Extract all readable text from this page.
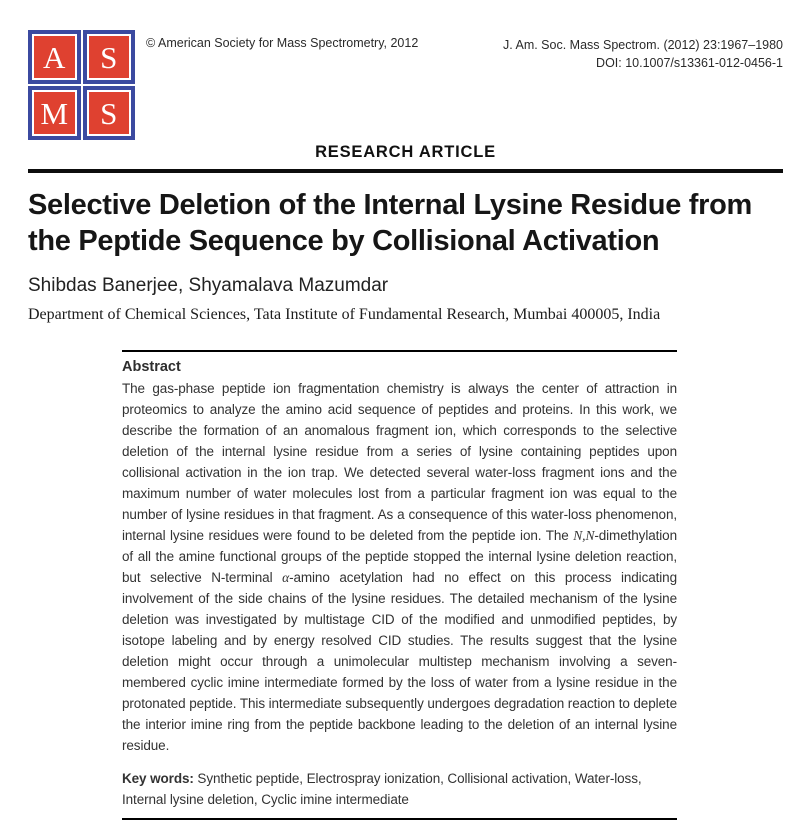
A S
M S
© American Society for Mass Spectrometry, 2012	J. Am. Soc. Mass Spectrom. (2012) 23:1967–1980
DOI: 10.1007/s13361-012-0456-1
RESEARCH ARTICLE
Selective Deletion of the Internal Lysine Residue from the Peptide Sequence by Collisional Activation
Shibdas Banerjee, Shyamalava Mazumdar
Department of Chemical Sciences, Tata Institute of Fundamental Research, Mumbai 400005, India
Abstract

The gas-phase peptide ion fragmentation chemistry is always the center of attraction in proteomics to analyze the amino acid sequence of peptides and proteins. In this work, we describe the formation of an anomalous fragment ion, which corresponds to the selective deletion of the internal lysine residue from a series of lysine containing peptides upon collisional activation in the ion trap. We detected several water-loss fragment ions and the maximum number of water molecules lost from a particular fragment ion was equal to the number of lysine residues in that fragment. As a consequence of this water-loss phenomenon, internal lysine residues were found to be deleted from the peptide ion. The N,N-dimethylation of all the amine functional groups of the peptide stopped the internal lysine deletion reaction, but selective N-terminal α-amino acetylation had no effect on this process indicating involvement of the side chains of the lysine residues. The detailed mechanism of the lysine deletion was investigated by multistage CID of the modified and unmodified peptides, by isotope labeling and by energy resolved CID studies. The results suggest that the lysine deletion might occur through a unimolecular multistep mechanism involving a seven-membered cyclic imine intermediate formed by the loss of water from a lysine residue in the protonated peptide. This intermediate subsequently undergoes degradation reaction to deplete the interior imine ring from the peptide backbone leading to the deletion of an internal lysine residue.

Key words: Synthetic peptide, Electrospray ionization, Collisional activation, Water-loss, Internal lysine deletion, Cyclic imine intermediate
